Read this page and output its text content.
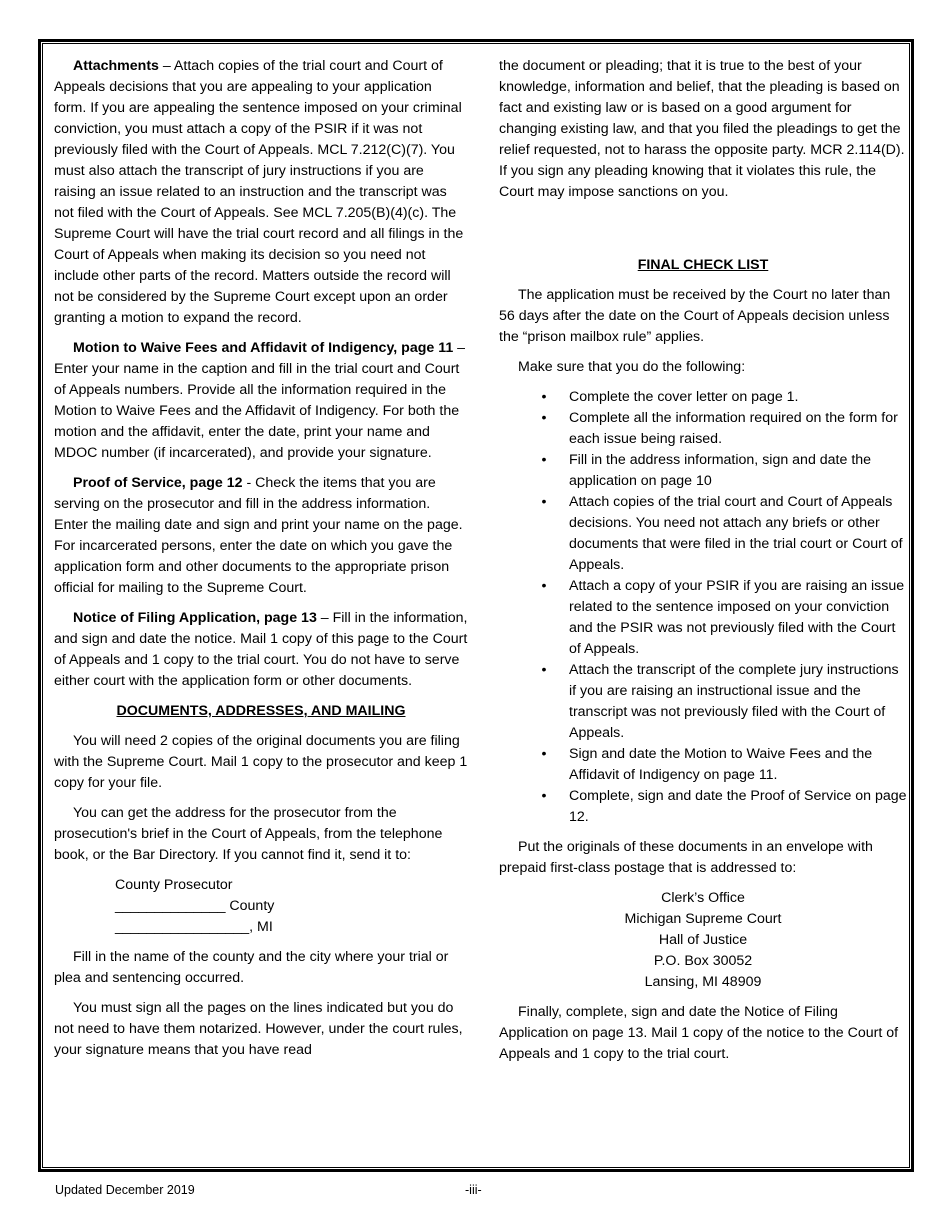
Attachments – Attach copies of the trial court and Court of Appeals decisions that you are appealing to your application form. If you are appealing the sentence imposed on your criminal conviction, you must attach a copy of the PSIR if it was not previously filed with the Court of Appeals. MCL 7.212(C)(7). You must also attach the transcript of jury instructions if you are raising an issue related to an instruction and the transcript was not filed with the Court of Appeals. See MCL 7.205(B)(4)(c). The Supreme Court will have the trial court record and all filings in the Court of Appeals when making its decision so you need not include other parts of the record. Matters outside the record will not be considered by the Supreme Court except upon an order granting a motion to expand the record.

Motion to Waive Fees and Affidavit of Indigency, page 11 – Enter your name in the caption and fill in the trial court and Court of Appeals numbers. Provide all the information required in the Motion to Waive Fees and the Affidavit of Indigency. For both the motion and the affidavit, enter the date, print your name and MDOC number (if incarcerated), and provide your signature.

Proof of Service, page 12 - Check the items that you are serving on the prosecutor and fill in the address information. Enter the mailing date and sign and print your name on the page. For incarcerated persons, enter the date on which you gave the application form and other documents to the appropriate prison official for mailing to the Supreme Court.

Notice of Filing Application, page 13 – Fill in the information, and sign and date the notice. Mail 1 copy of this page to the Court of Appeals and 1 copy to the trial court. You do not have to serve either court with the application form or other documents.

DOCUMENTS, ADDRESSES, AND MAILING

You will need 2 copies of the original documents you are filing with the Supreme Court. Mail 1 copy to the prosecutor and keep 1 copy for your file.

You can get the address for the prosecutor from the prosecution's brief in the Court of Appeals, from the telephone book, or the Bar Directory. If you cannot find it, send it to:

County Prosecutor
______________ County
_________________, MI

Fill in the name of the county and the city where your trial or plea and sentencing occurred.

You must sign all the pages on the lines indicated but you do not need to have them notarized. However, under the court rules, your signature means that you have read

the document or pleading; that it is true to the best of your knowledge, information and belief, that the pleading is based on fact and existing law or is based on a good argument for changing existing law, and that you filed the pleadings to get the relief requested, not to harass the opposite party. MCR 2.114(D). If you sign any pleading knowing that it violates this rule, the Court may impose sanctions on you.

FINAL CHECK LIST

The application must be received by the Court no later than 56 days after the date on the Court of Appeals decision unless the “prison mailbox rule” applies.

Make sure that you do the following:

•	Complete the cover letter on page 1.
•	Complete all the information required on the form for each issue being raised.
•	Fill in the address information, sign and date the application on page 10
•	Attach copies of the trial court and Court of Appeals decisions. You need not attach any briefs or other documents that were filed in the trial court or Court of Appeals.
•	Attach a copy of your PSIR if you are raising an issue related to the sentence imposed on your conviction and the PSIR was not previously filed with the Court of Appeals.
•	Attach the transcript of the complete jury instructions if you are raising an instructional issue and the transcript was not previously filed with the Court of Appeals.
•	Sign and date the Motion to Waive Fees and the Affidavit of Indigency on page 11.
•	Complete, sign and date the Proof of Service on page 12.

Put the originals of these documents in an envelope with prepaid first-class postage that is addressed to:

Clerk’s Office
Michigan Supreme Court
Hall of Justice
P.O. Box 30052
Lansing, MI 48909

Finally, complete, sign and date the Notice of Filing Application on page 13. Mail 1 copy of the notice to the Court of Appeals and 1 copy to the trial court.

Updated December 2019	-iii-
